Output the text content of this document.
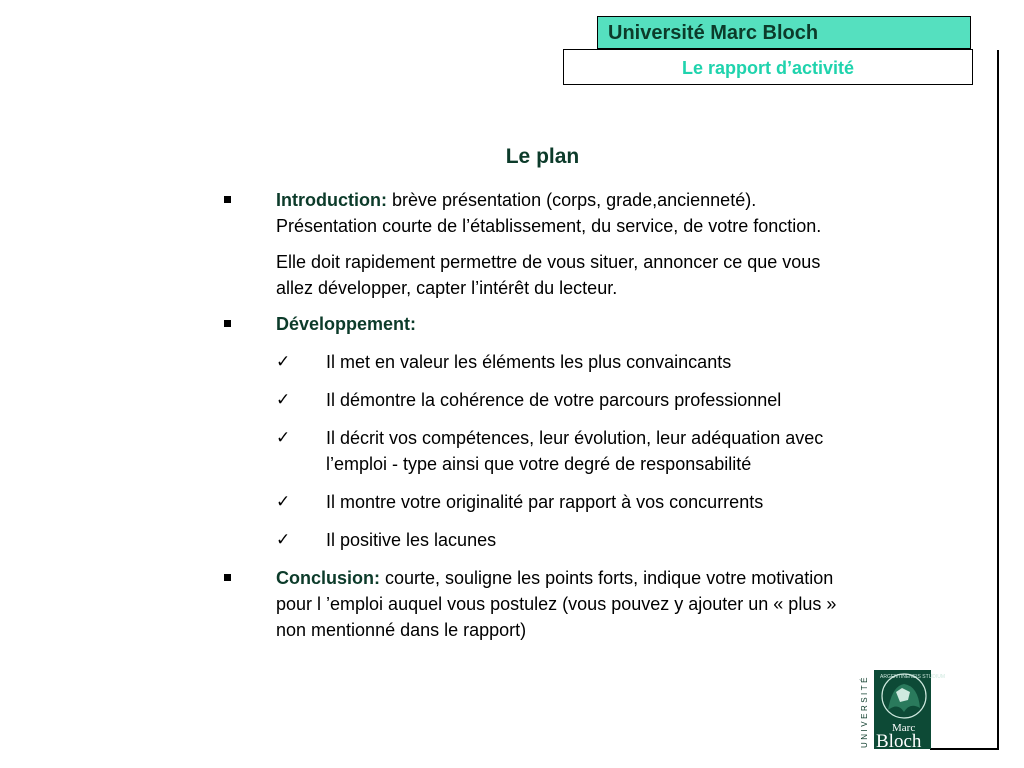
Université Marc Bloch
Le rapport d’activité
Le plan
Introduction: brève présentation (corps, grade,ancienneté). Présentation courte de l’établissement, du service, de votre fonction.
Elle doit rapidement permettre de vous situer, annoncer ce que vous allez développer, capter l’intérêt du lecteur.
Développement:
✓ Il met en valeur les éléments les plus convaincants
✓ Il démontre la cohérence de votre parcours professionnel
✓ Il décrit vos compétences, leur évolution, leur adéquation avec l’emploi - type ainsi que votre degré de responsabilité
✓ Il montre votre originalité par rapport à vos concurrents
✓ Il positive les lacunes
Conclusion: courte, souligne les points forts, indique votre motivation pour l ’emploi auquel vous postulez (vous pouvez y ajouter un « plus » non mentionné dans le rapport)
UNIVERSITÉ ARGENTINENSIS STUDIUM
Marc
Bloch
